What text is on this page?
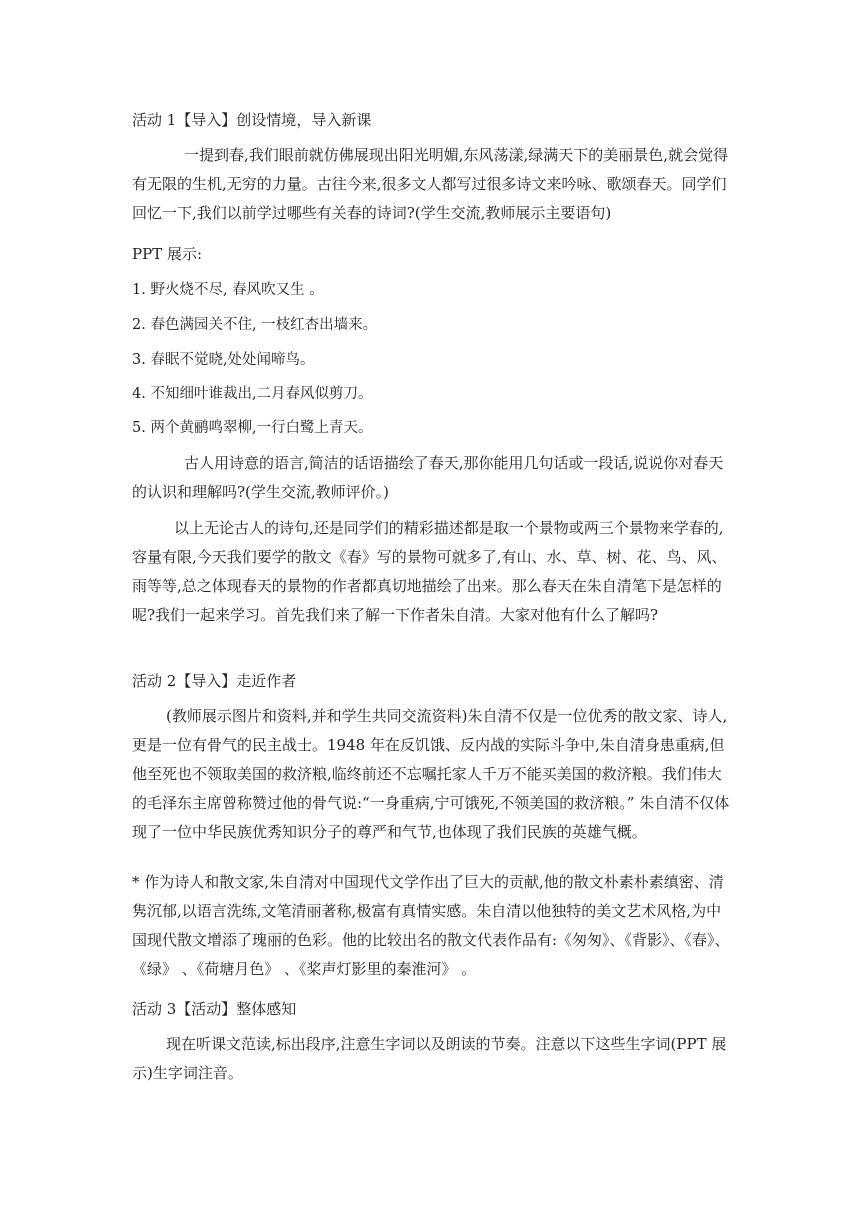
活动 1【导入】创设情境，导入新课

一提到春,我们眼前就仿佛展现出阳光明媚,东风荡漾,绿满天下的美丽景色,就会觉得有无限的生机,无穷的力量。古往今来,很多文人都写过很多诗文来吟咏、歌颂春天。同学们回忆一下,我们以前学过哪些有关春的诗词?(学生交流,教师展示主要语句)

PPT 展示:

1. 野火烧不尽, 春风吹又生 。

2. 春色满园关不住, 一枝红杏出墙来。

3. 春眠不觉晓,处处闻啼鸟。

4. 不知细叶谁裁出,二月春风似剪刀。

5. 两个黄鹂鸣翠柳,一行白鹭上青天。

古人用诗意的语言,简洁的话语描绘了春天,那你能用几句话或一段话,说说你对春天的认识和理解吗?(学生交流,教师评价。)

以上无论古人的诗句,还是同学们的精彩描述都是取一个景物或两三个景物来学春的,容量有限,今天我们要学的散文《春》写的景物可就多了,有山、水、草、树、花、鸟、风、雨等等,总之体现春天的景物的作者都真切地描绘了出来。那么春天在朱自清笔下是怎样的呢?我们一起来学习。首先我们来了解一下作者朱自清。大家对他有什么了解吗?

活动 2【导入】走近作者

(教师展示图片和资料,并和学生共同交流资料)朱自清不仅是一位优秀的散文家、诗人,更是一位有骨气的民主战士。1948 年在反饥饿、反内战的实际斗争中,朱自清身患重病,但他至死也不领取美国的救济粮,临终前还不忘嘱托家人千万不能买美国的救济粮。我们伟大的毛泽东主席曾称赞过他的骨气说:“一身重病,宁可饿死,不领美国的救济粮。” 朱自清不仅体现了一位中华民族优秀知识分子的尊严和气节,也体现了我们民族的英雄气概。

* 作为诗人和散文家,朱自清对中国现代文学作出了巨大的贡献,他的散文朴素朴素缜密、清隽沉郁,以语言洗练,文笔清丽著称,极富有真情实感。朱自清以他独特的美文艺术风格,为中国现代散文增添了瑰丽的色彩。他的比较出名的散文代表作品有:《匆匆》、《背影》、《春》、《绿》 、《荷塘月色》 、《桨声灯影里的秦淮河》 。

活动 3【活动】整体感知

现在听课文范读,标出段序,注意生字词以及朗读的节奏。注意以下这些生字词(PPT 展示)生字词注音。
